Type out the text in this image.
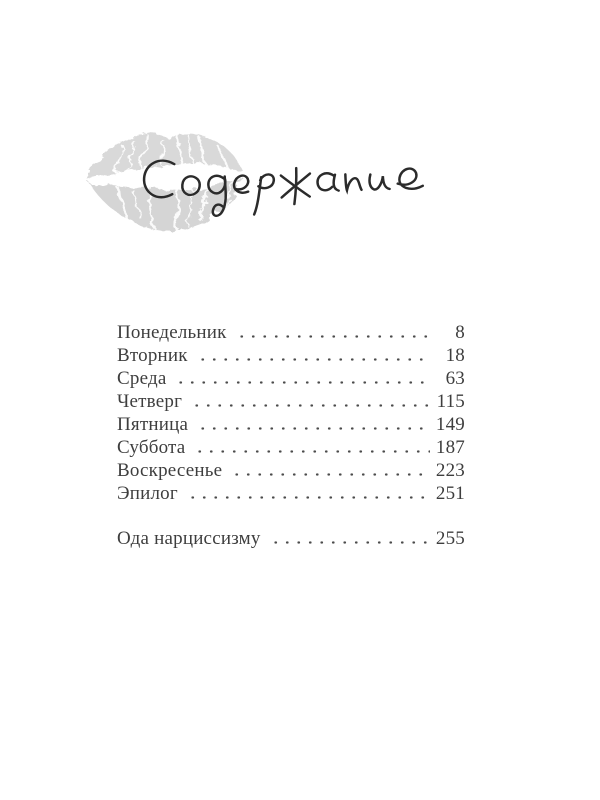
Понедельник	8
Вторник	18
Среда	63
Четверг	115
Пятница	149
Суббота	187
Воскресенье	223
Эпилог	251
Ода нарциссизму	255
